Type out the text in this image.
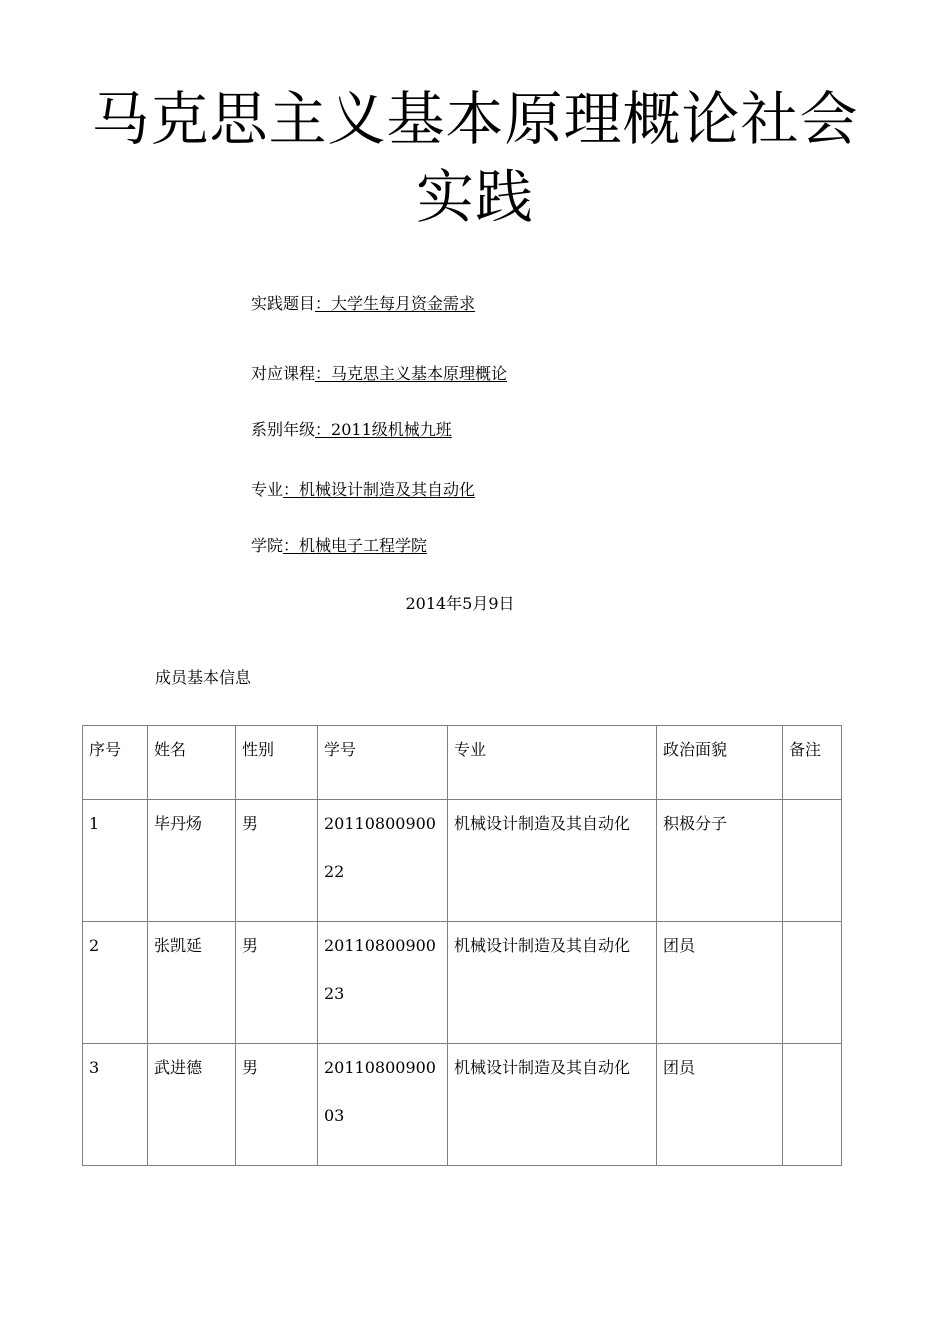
马克思主义基本原理概论社会
实践
实践题目：大学生每月资金需求
对应课程：马克思主义基本原理概论
系别年级：2011级机械九班
专业：机械设计制造及其自动化
学院：机械电子工程学院
2014年5月9日
成员基本信息
序号	姓名	性别	学号	专业	政治面貌	备注
1	毕丹炀	男	2011080090022	机械设计制造及其自动化	积极分子	
2	张凯延	男	2011080090023	机械设计制造及其自动化	团员	
3	武进德	男	2011080090003	机械设计制造及其自动化	团员	
